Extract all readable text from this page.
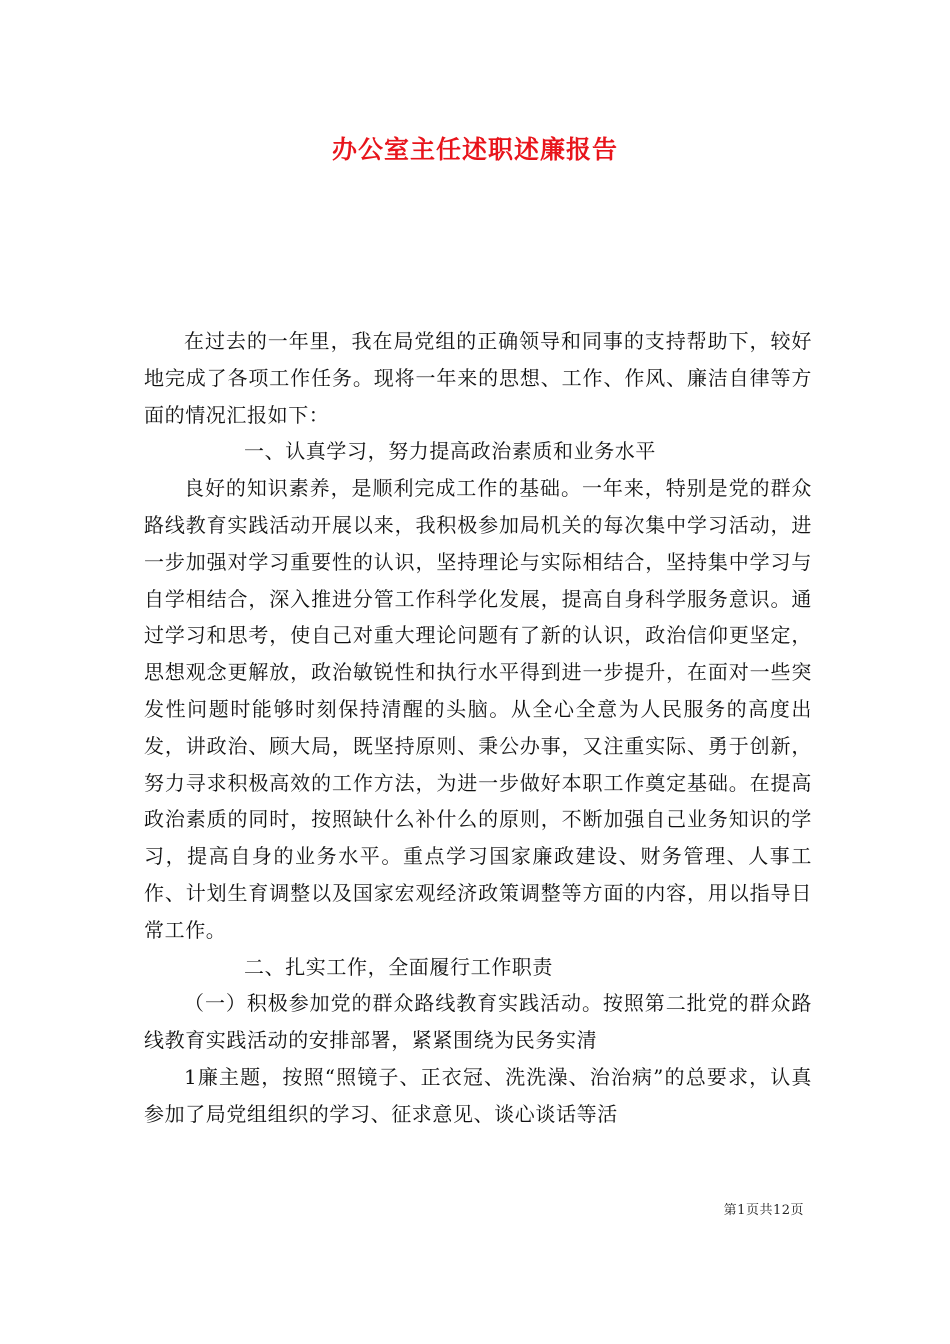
办公室主任述职述廉报告

在过去的一年里，我在局党组的正确领导和同事的支持帮助下，较好地完成了各项工作任务。现将一年来的思想、工作、作风、廉洁自律等方面的情况汇报如下：

一、认真学习，努力提高政治素质和业务水平

良好的知识素养，是顺利完成工作的基础。一年来，特别是党的群众路线教育实践活动开展以来，我积极参加局机关的每次集中学习活动，进一步加强对学习重要性的认识，坚持理论与实际相结合，坚持集中学习与自学相结合，深入推进分管工作科学化发展，提高自身科学服务意识。通过学习和思考，使自己对重大理论问题有了新的认识，政治信仰更坚定，思想观念更解放，政治敏锐性和执行水平得到进一步提升，在面对一些突发性问题时能够时刻保持清醒的头脑。从全心全意为人民服务的高度出发，讲政治、顾大局，既坚持原则、秉公办事，又注重实际、勇于创新，努力寻求积极高效的工作方法，为进一步做好本职工作奠定基础。在提高政治素质的同时，按照缺什么补什么的原则，不断加强自己业务知识的学习，提高自身的业务水平。重点学习国家廉政建设、财务管理、人事工作、计划生育调整以及国家宏观经济政策调整等方面的内容，用以指导日常工作。

二、扎实工作，全面履行工作职责

（一）积极参加党的群众路线教育实践活动。按照第二批党的群众路线教育实践活动的安排部署，紧紧围绕为民务实清

1廉主题，按照“照镜子、正衣冠、洗洗澡、治治病”的总要求，认真参加了局党组组织的学习、征求意见、谈心谈话等活

第1页共12页
